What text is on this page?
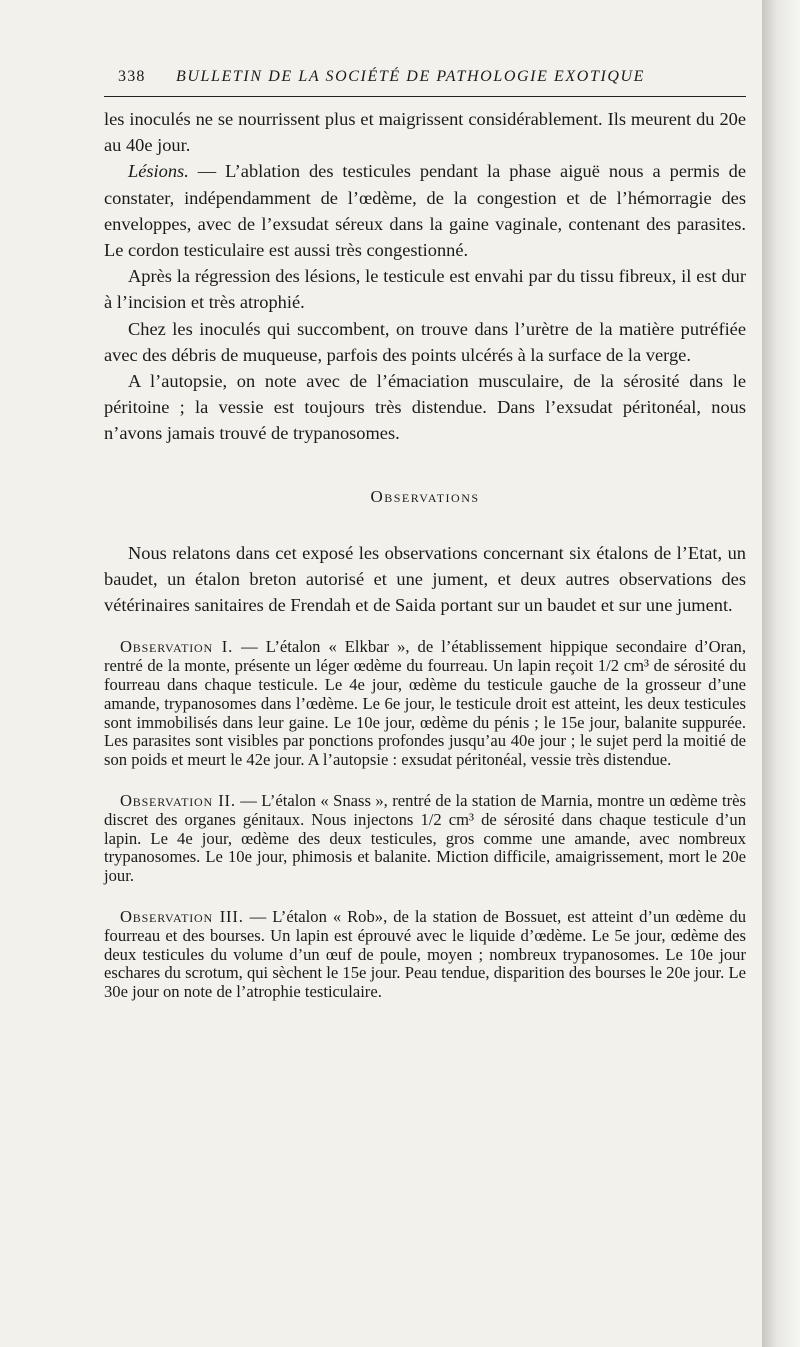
338 BULLETIN DE LA SOCIÉTÉ DE PATHOLOGIE EXOTIQUE

les inoculés ne se nourrissent plus et maigrissent considérablement. Ils meurent du 20e au 40e jour.

Lésions. — L’ablation des testicules pendant la phase aiguë nous a permis de constater, indépendamment de l’œdème, de la congestion et de l’hémorragie des enveloppes, avec de l’exsudat séreux dans la gaine vaginale, contenant des parasites. Le cordon testiculaire est aussi très congestionné.

Après la régression des lésions, le testicule est envahi par du tissu fibreux, il est dur à l’incision et très atrophié.

Chez les inoculés qui succombent, on trouve dans l’urètre de la matière putréfiée avec des débris de muqueuse, parfois des points ulcérés à la surface de la verge.

A l’autopsie, on note avec de l’émaciation musculaire, de la sérosité dans le péritoine ; la vessie est toujours très distendue. Dans l’exsudat péritonéal, nous n’avons jamais trouvé de trypanosomes.

Observations

Nous relatons dans cet exposé les observations concernant six étalons de l’Etat, un baudet, un étalon breton autorisé et une jument, et deux autres observations des vétérinaires sanitaires de Frendah et de Saida portant sur un baudet et sur une jument.

Observation I. — L’étalon « Elkbar », de l’établissement hippique secondaire d’Oran, rentré de la monte, présente un léger œdème du fourreau. Un lapin reçoit 1/2 cm³ de sérosité du fourreau dans chaque testicule. Le 4e jour, œdème du testicule gauche de la grosseur d’une amande, trypanosomes dans l’œdème. Le 6e jour, le testicule droit est atteint, les deux testicules sont immobilisés dans leur gaine. Le 10e jour, œdème du pénis ; le 15e jour, balanite suppurée. Les parasites sont visibles par ponctions profondes jusqu’au 40e jour ; le sujet perd la moitié de son poids et meurt le 42e jour. A l’autopsie : exsudat péritonéal, vessie très distendue.

Observation II. — L’étalon « Snass », rentré de la station de Marnia, montre un œdème très discret des organes génitaux. Nous injectons 1/2 cm³ de sérosité dans chaque testicule d’un lapin. Le 4e jour, œdème des deux testicules, gros comme une amande, avec nombreux trypanosomes. Le 10e jour, phimosis et balanite. Miction difficile, amaigrissement, mort le 20e jour.

Observation III. — L’étalon « Rob», de la station de Bossuet, est atteint d’un œdème du fourreau et des bourses. Un lapin est éprouvé avec le liquide d’œdème. Le 5e jour, œdème des deux testicules du volume d’un œuf de poule, moyen ; nombreux trypanosomes. Le 10e jour eschares du scrotum, qui sèchent le 15e jour. Peau tendue, disparition des bourses le 20e jour. Le 30e jour on note de l’atrophie testiculaire.
